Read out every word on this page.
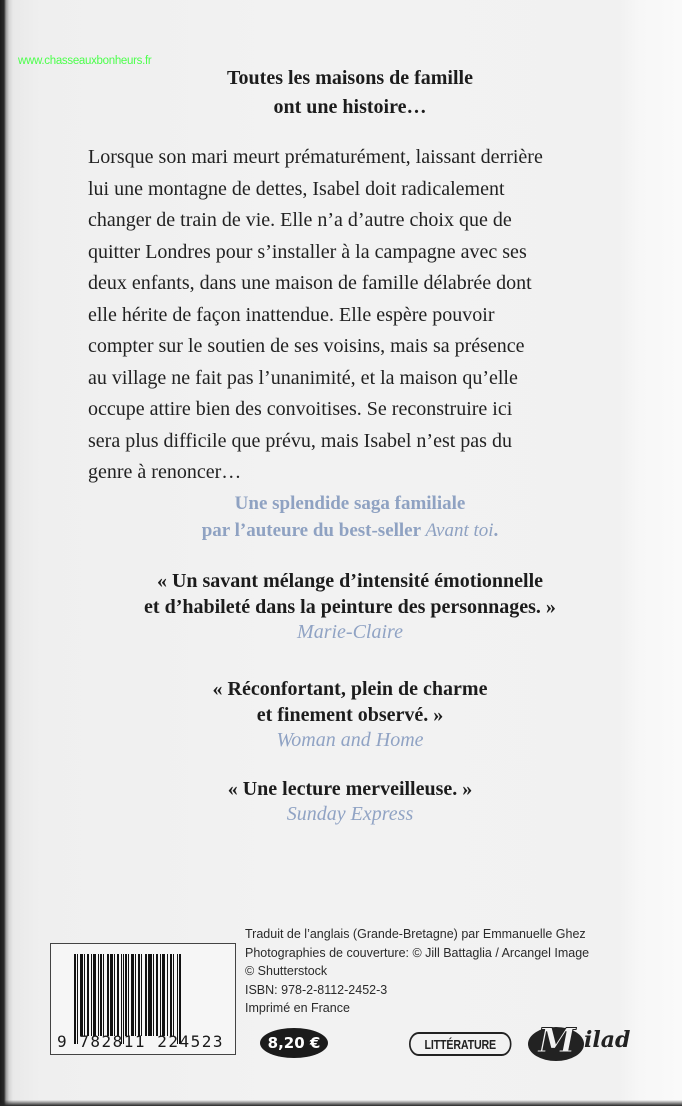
www.chasseauxbonheurs.fr
Toutes les maisons de famille
ont une histoire…
Lorsque son mari meurt prématurément, laissant derrière
lui une montagne de dettes, Isabel doit radicalement
changer de train de vie. Elle n’a d’autre choix que de
quitter Londres pour s’installer à la campagne avec ses
deux enfants, dans une maison de famille délabrée dont
elle hérite de façon inattendue. Elle espère pouvoir
compter sur le soutien de ses voisins, mais sa présence
au village ne fait pas l’unanimité, et la maison qu’elle
occupe attire bien des convoitises. Se reconstruire ici
sera plus difficile que prévu, mais Isabel n’est pas du
genre à renoncer…
Une splendide saga familiale
par l’auteure du best-seller Avant toi.
« Un savant mélange d’intensité émotionnelle
et d’habileté dans la peinture des personnages. »
Marie-Claire
« Réconfortant, plein de charme
et finement observé. »
Woman and Home
« Une lecture merveilleuse. »
Sunday Express
Traduit de l’anglais (Grande-Bretagne) par Emmanuelle Ghez
Photographies de couverture: © Jill Battaglia / Arcangel Image
© Shutterstock
ISBN: 978-2-8112-2452-3
Imprimé en France
9 782811 224523	8,20 €	LITTÉRATURE	M ilad
